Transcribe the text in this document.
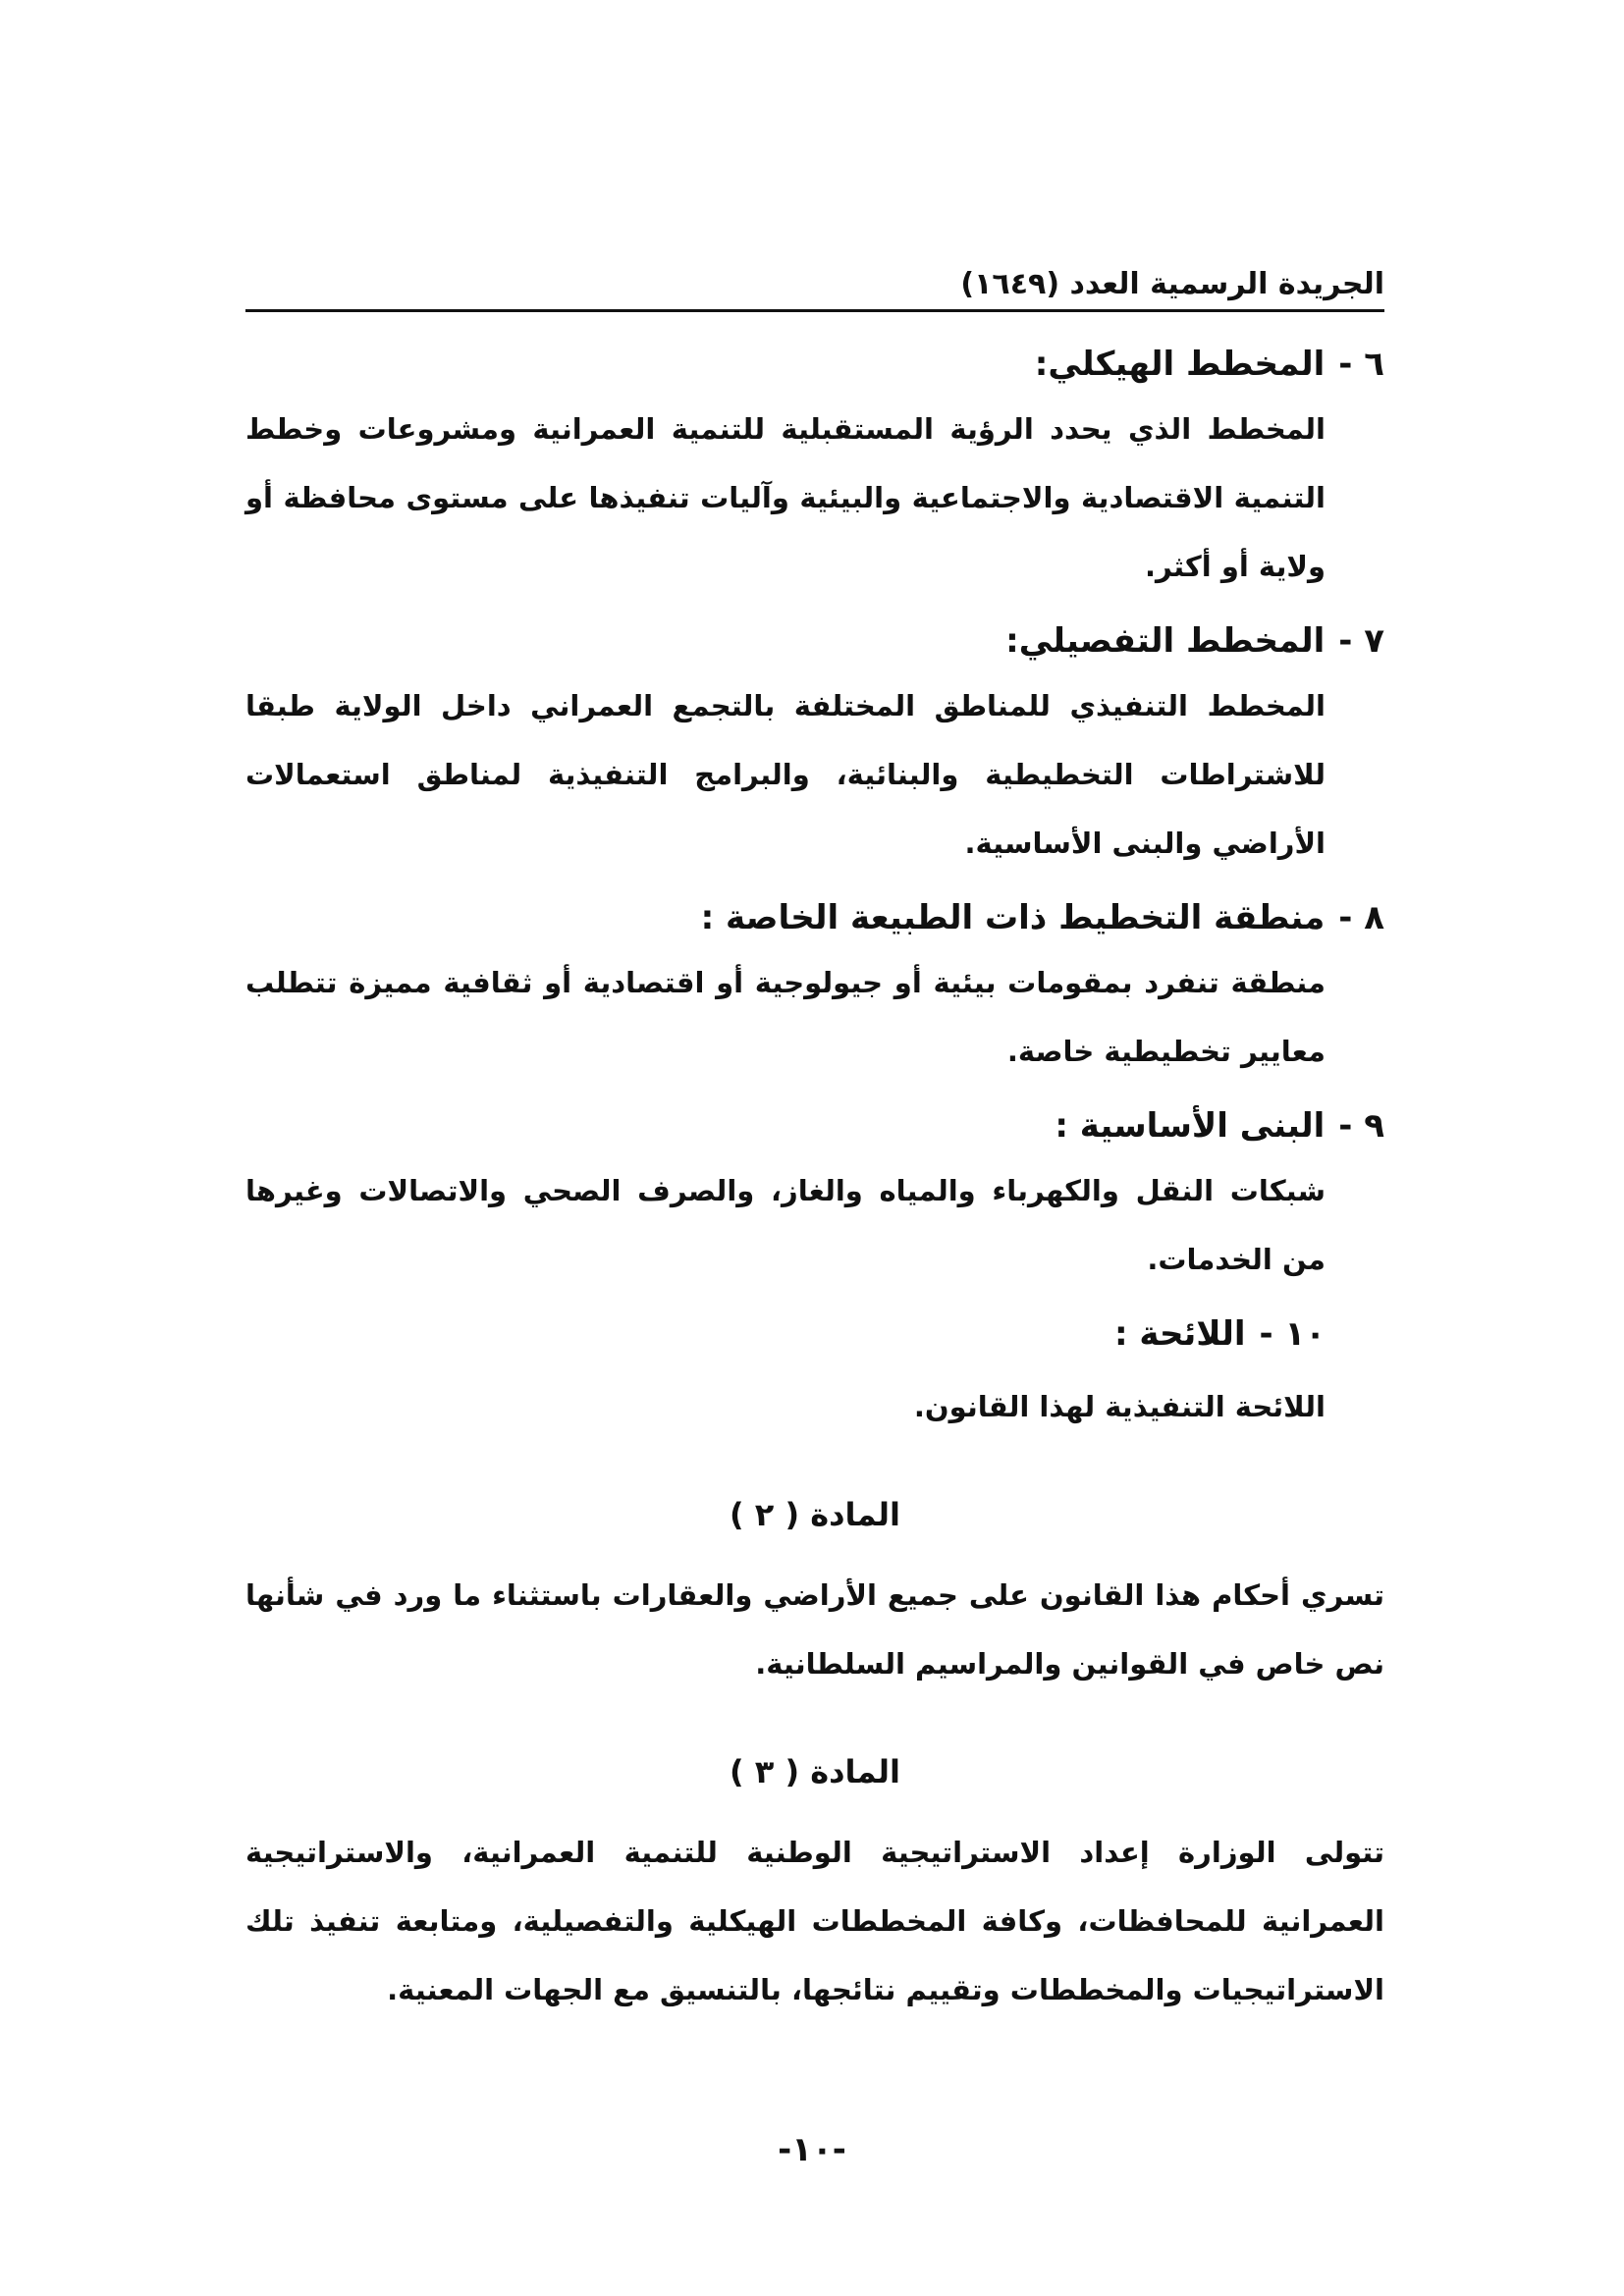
الجريدة الرسمية العدد (١٦٤٩)
٦ -المخطط الهيكلي:
المخطط الذي يحدد الرؤية المستقبلية للتنمية العمرانية ومشروعات وخطط التنمية الاقتصادية والاجتماعية والبيئية وآليات تنفيذها على مستوى محافظة أو ولاية أو أكثر.
٧ -المخطط التفصيلي:
المخطط التنفيذي للمناطق المختلفة بالتجمع العمراني داخل الولاية طبقا للاشتراطات التخطيطية والبنائية، والبرامج التنفيذية لمناطق استعمالات الأراضي والبنى الأساسية.
٨ -منطقة التخطيط ذات الطبيعة الخاصة :
منطقة تنفرد بمقومات بيئية أو جيولوجية أو اقتصادية أو ثقافية مميزة تتطلب معايير تخطيطية خاصة.
٩ -البنى الأساسية :
شبكات النقل والكهرباء والمياه والغاز، والصرف الصحي والاتصالات وغيرها من الخدمات.
١٠ -اللائحة :
اللائحة التنفيذية لهذا القانون.
المادة ( ٢ )

تسري أحكام هذا القانون على جميع الأراضي والعقارات باستثناء ما ورد في شأنها نص خاص في القوانين والمراسيم السلطانية.

المادة ( ٣ )

تتولى الوزارة إعداد الاستراتيجية الوطنية للتنمية العمرانية، والاستراتيجية العمرانية للمحافظات، وكافة المخططات الهيكلية والتفصيلية، ومتابعة تنفيذ تلك الاستراتيجيات والمخططات وتقييم نتائجها، بالتنسيق مع الجهات المعنية.

-١٠-
